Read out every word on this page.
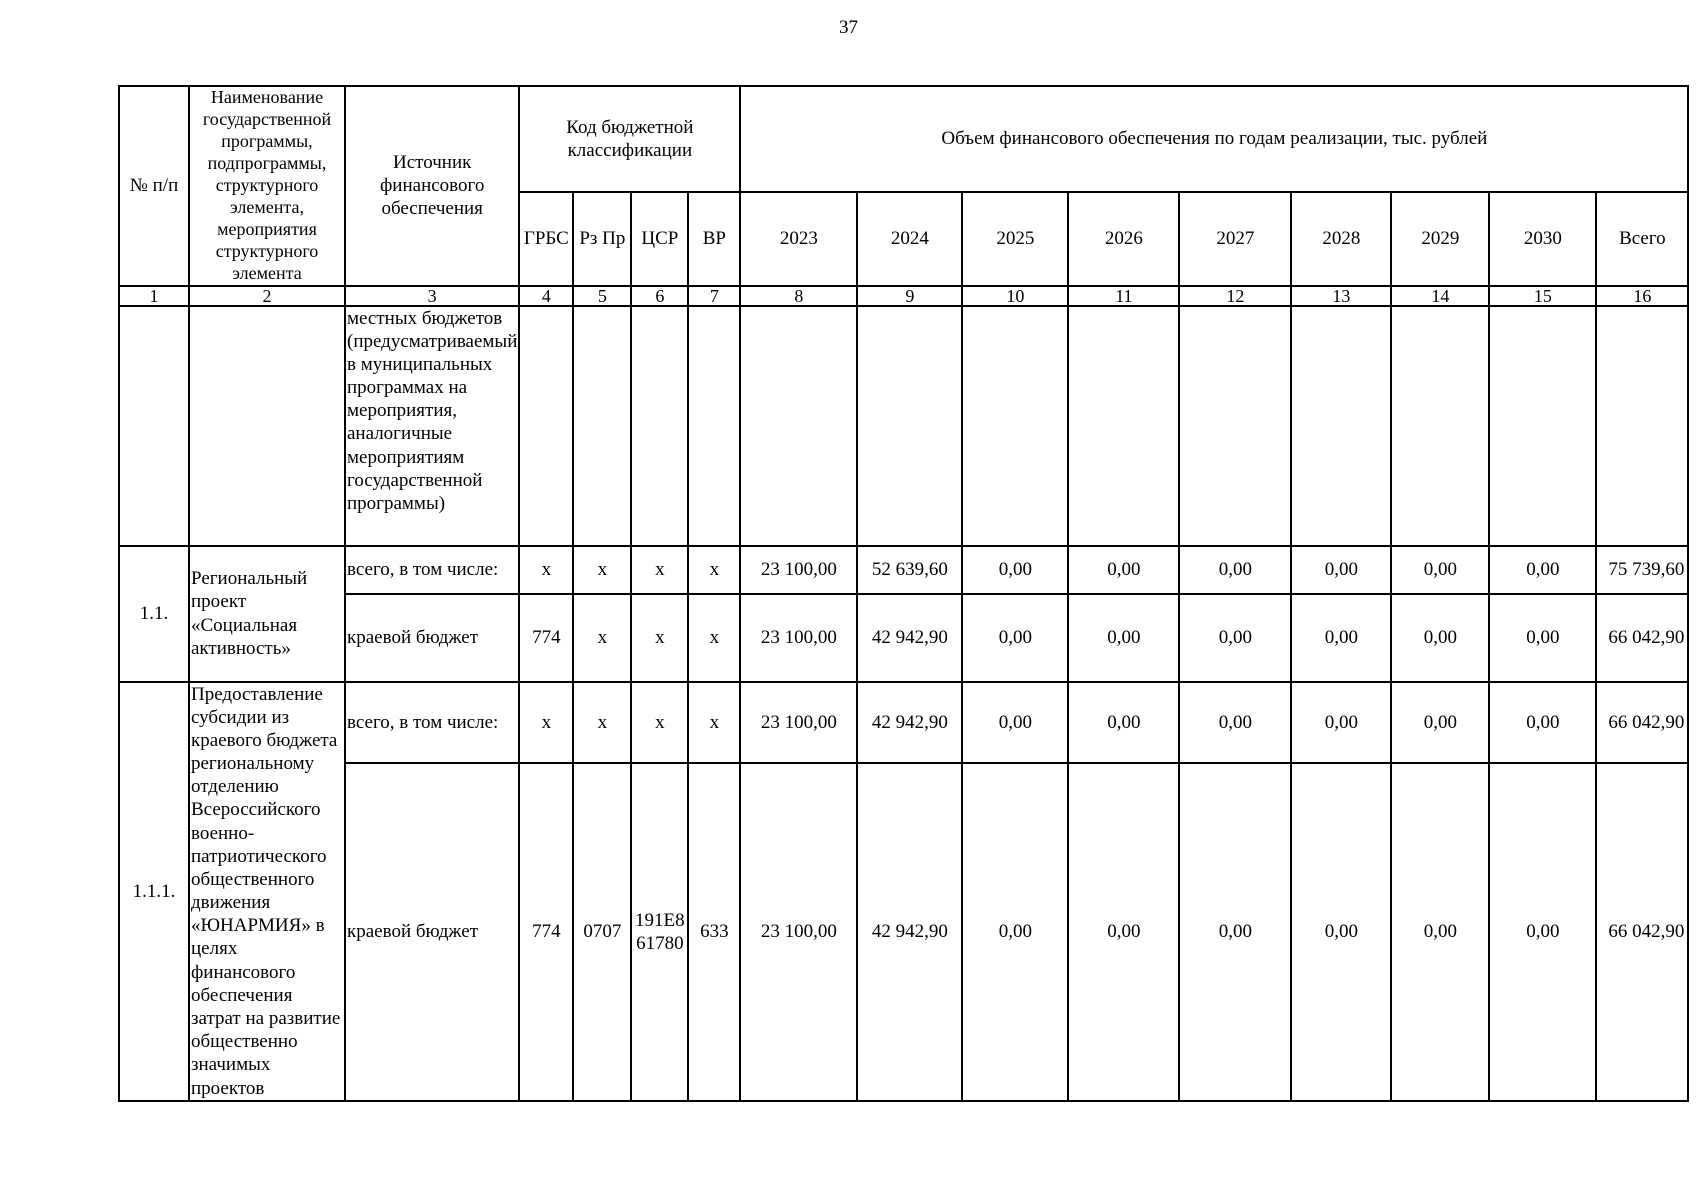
37
№ п/п	Наименование государственной программы, подпрограммы, структурного элемента, мероприятия структурного элемента	Источник финансового обеспечения	Код бюджетной классификации				Объем финансового обеспечения по годам реализации, тыс. рублей								
			ГРБС	Рз Пр	ЦСР	ВР	2023	2024	2025	2026	2027	2028	2029	2030	Всего
1	2	3	4	5	6	7	8	9	10	11	12	13	14	15	16
		местных бюджетов (предусматриваемый в муниципальных программах на мероприятия, аналогичные мероприятиям государственной программы)													
1.1.	Региональный проект «Социальная активность»	всего, в том числе:	х	х	х	х	23 100,00	52 639,60	0,00	0,00	0,00	0,00	0,00	0,00	75 739,60
		краевой бюджет	774	х	х	х	23 100,00	42 942,90	0,00	0,00	0,00	0,00	0,00	0,00	66 042,90
1.1.1.	Предоставление субсидии из краевого бюджета региональному отделению Всероссийского военно-патриотического общественного движения «ЮНАРМИЯ» в целях финансового обеспечения затрат на развитие общественно значимых проектов	всего, в том числе:	х	х	х	х	23 100,00	42 942,90	0,00	0,00	0,00	0,00	0,00	0,00	66 042,90
		краевой бюджет	774	0707	191Е8 61780	633	23 100,00	42 942,90	0,00	0,00	0,00	0,00	0,00	0,00	66 042,90
